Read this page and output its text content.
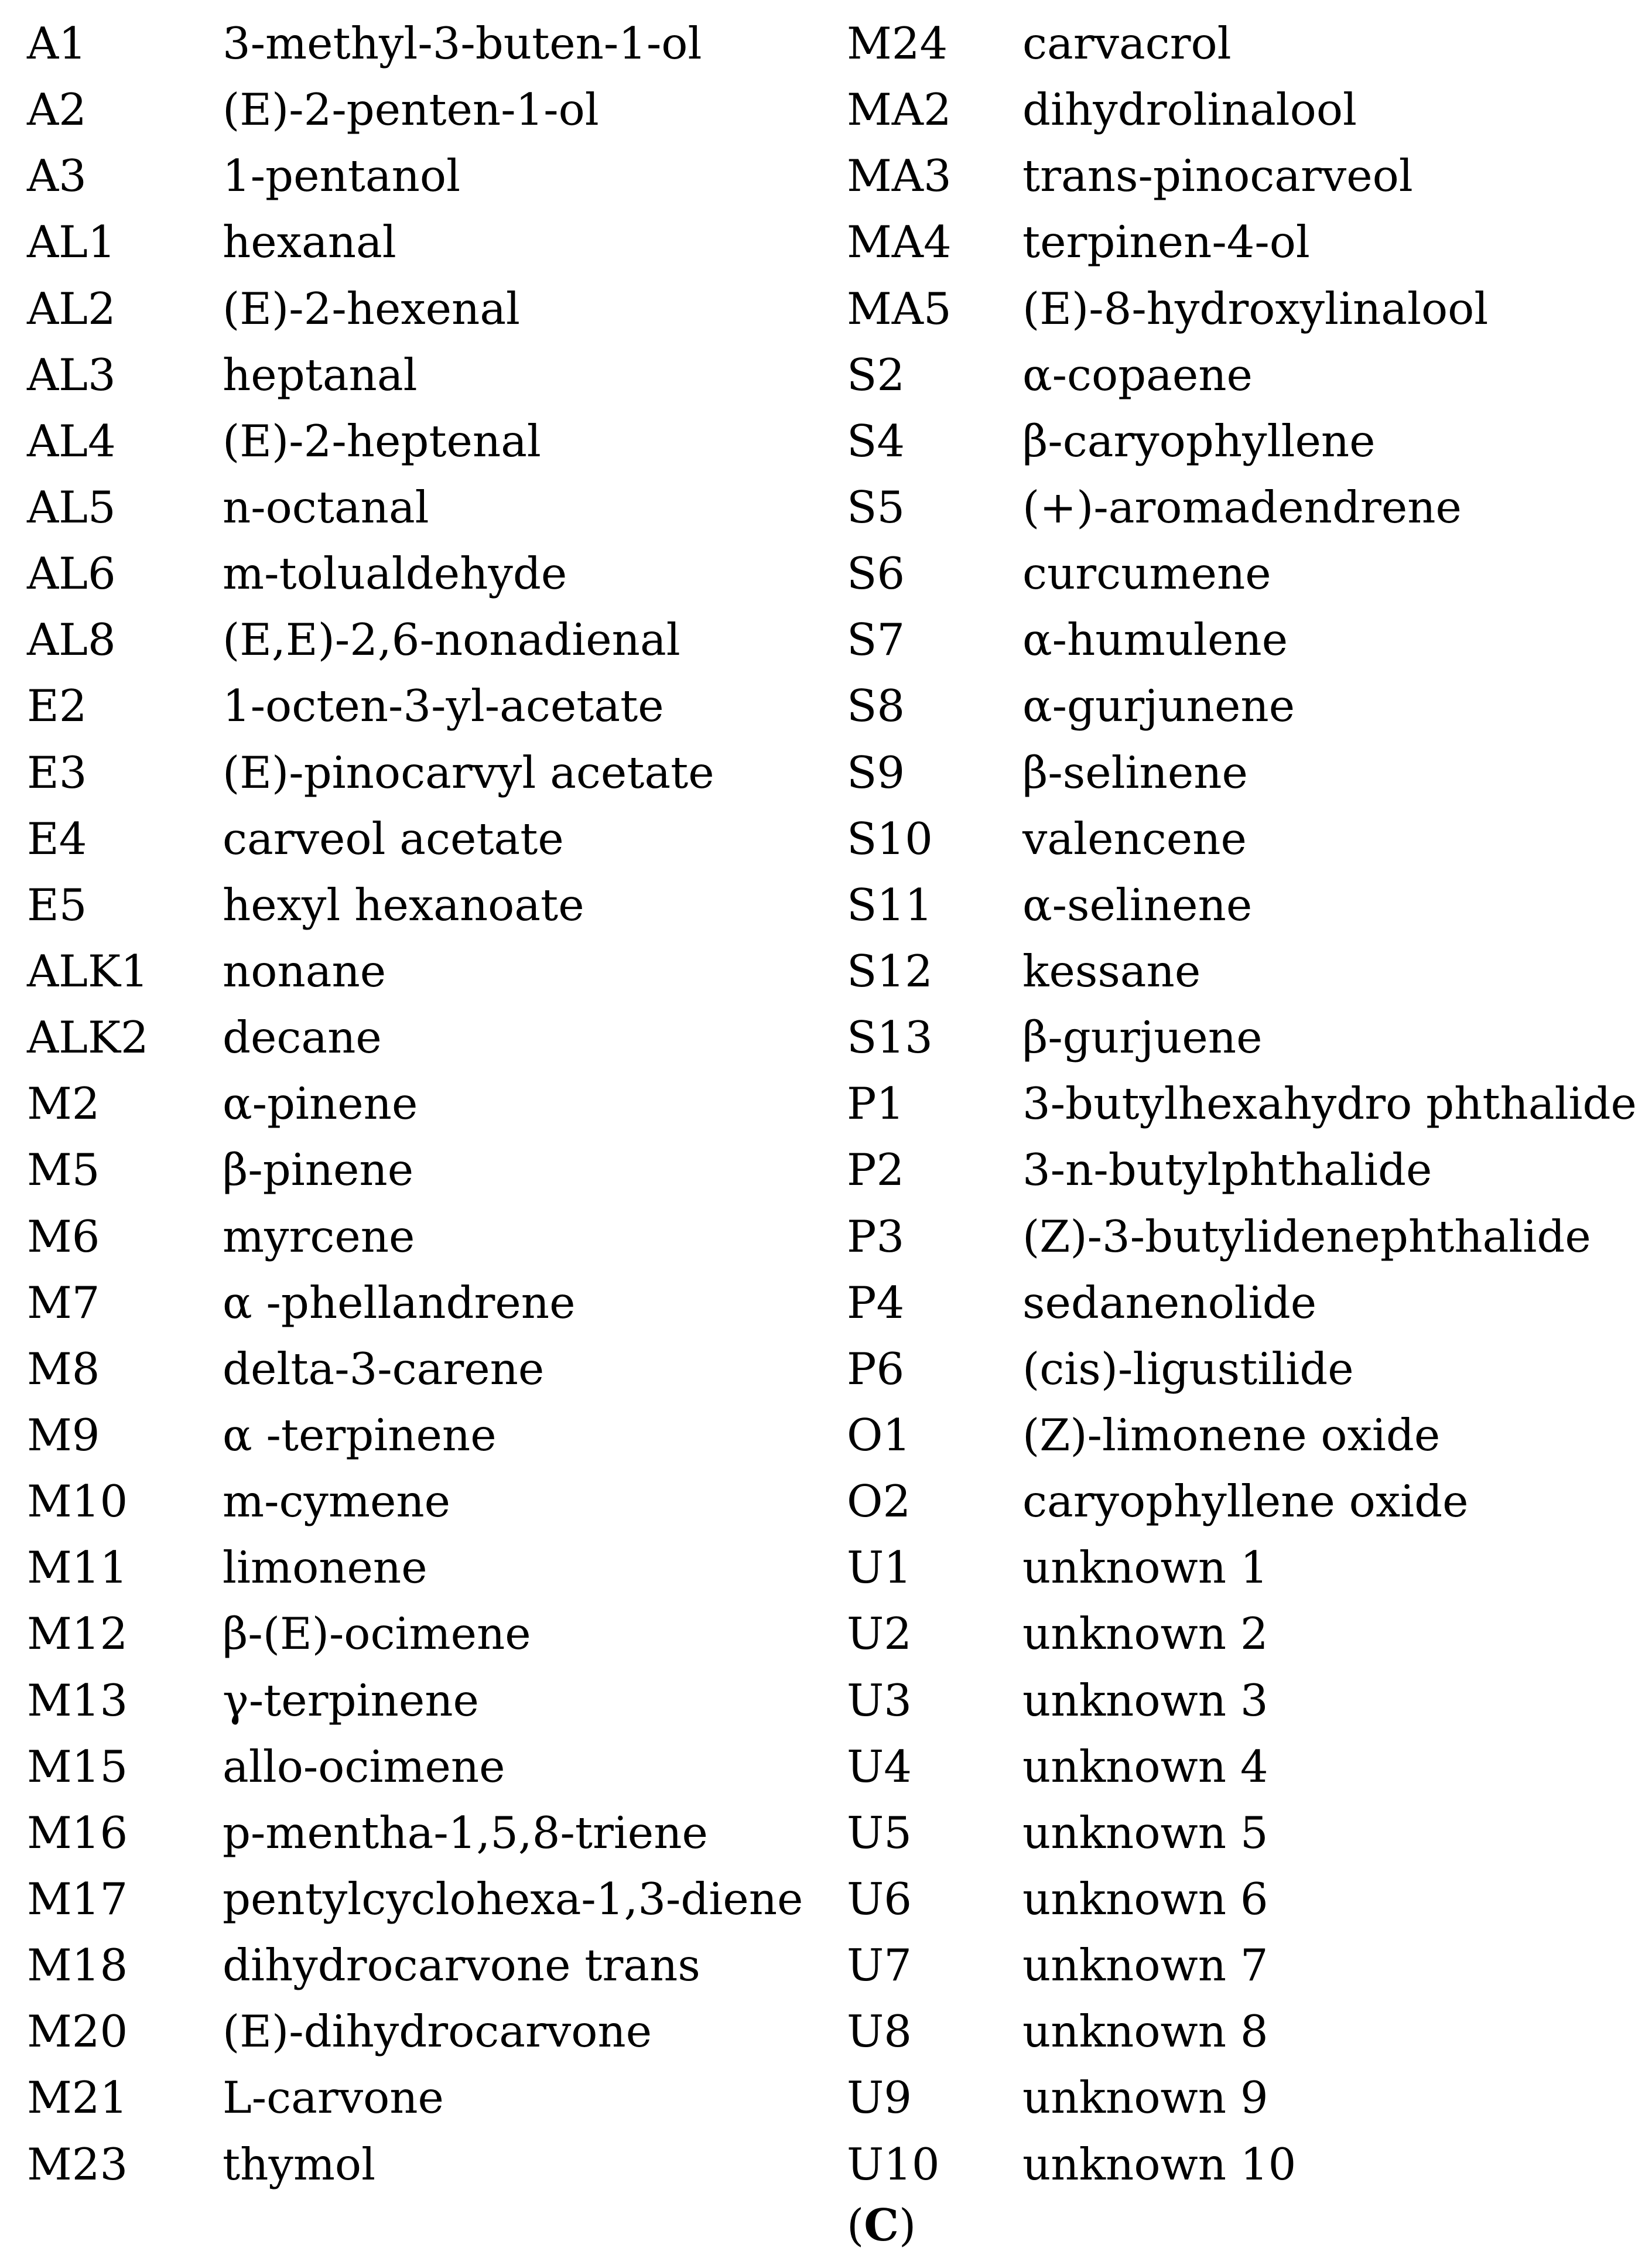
A1	3-methyl-3-buten-1-ol
A2	(E)-2-penten-1-ol
A3	1-pentanol
AL1 hexanal
AL2 (E)-2-hexenal
AL3 heptanal
AL4 (E)-2-heptenal
AL5 n-octanal
AL6 m-tolualdehyde
AL8 (E,E)-2,6-nonadienal
E2	1-octen-3-yl-acetate
E3	(E)-pinocarvyl acetate
E4	carveol acetate
E5	hexyl hexanoate
ALK1 nonane
ALK2 decane
M2	α-pinene
M5	β-pinene
M6	myrcene
M7	α -phellandrene
M8	delta-3-carene
M9	α -terpinene
M10 m-cymene
M11 limonene
M12 β-(E)-ocimene
M13 γ-terpinene
M15 allo-ocimene
M16 p-mentha-1,5,8-triene
M17 pentylcyclohexa-1,3-diene
M18 dihydrocarvone trans
M20 (E)-dihydrocarvone
M21 L-carvone
M23 thymol
M24 carvacrol
MA2 dihydrolinalool
MA3 trans-pinocarveol
MA4 terpinen-4-ol
MA5 (E)-8-hydroxylinalool
S2	α-copaene
S4	β-caryophyllene
S5	(+)-aromadendrene
S6	curcumene
S7	α-humulene
S8	α-gurjunene
S9	β-selinene
S10 valencene
S11 α-selinene
S12 kessane
S13 β-gurjuene
P1	3-butylhexahydro phthalide
P2	3-n-butylphthalide
P3	(Z)-3-butylidenephthalide
P4	sedanenolide
P6	(cis)-ligustilide
O1	(Z)-limonene oxide
O2	caryophyllene oxide
U1	unknown 1
U2	unknown 2
U3	unknown 3
U4	unknown 4
U5	unknown 5
U6	unknown 6
U7	unknown 7
U8	unknown 8
U9	unknown 9
U10 unknown 10
(C)
